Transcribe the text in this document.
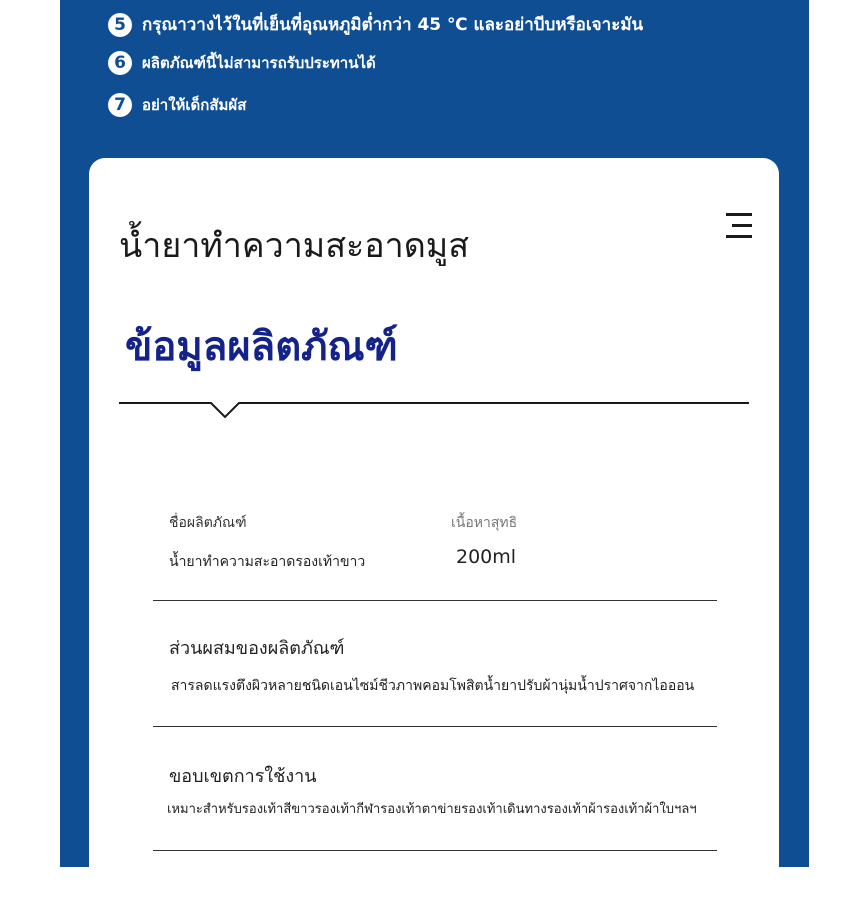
5 กรุณาวางไว้ในที่เย็นที่อุณหภูมิต่ำกว่า 45 ℃ และอย่าบีบหรือเจาะมัน
6	ผลิตภัณฑ์นี้ไม่สามารถรับประทานได้
7	อย่าให้เด็กสัมผัส
น้ำยาทำความสะอาดมูส
ข้อมูลผลิตภัณฑ์
ชื่อผลิตภัณฑ์	เนื้อหาสุทธิ
น้ำยาทำความสะอาดรองเท้าขาว	200ml
ส่วนผสมของผลิตภัณฑ์
สารลดแรงตึงผิวหลายชนิดเอนไซม์ชีวภาพคอมโพสิตน้ำยาปรับผ้านุ่มน้ำปราศจากไอออน
ขอบเขตการใช้งาน
เหมาะสำหรับรองเท้าสีขาวรองเท้ากีฬารองเท้าตาข่ายรองเท้าเดินทางรองเท้าผ้ารองเท้าผ้าใบฯลฯ
